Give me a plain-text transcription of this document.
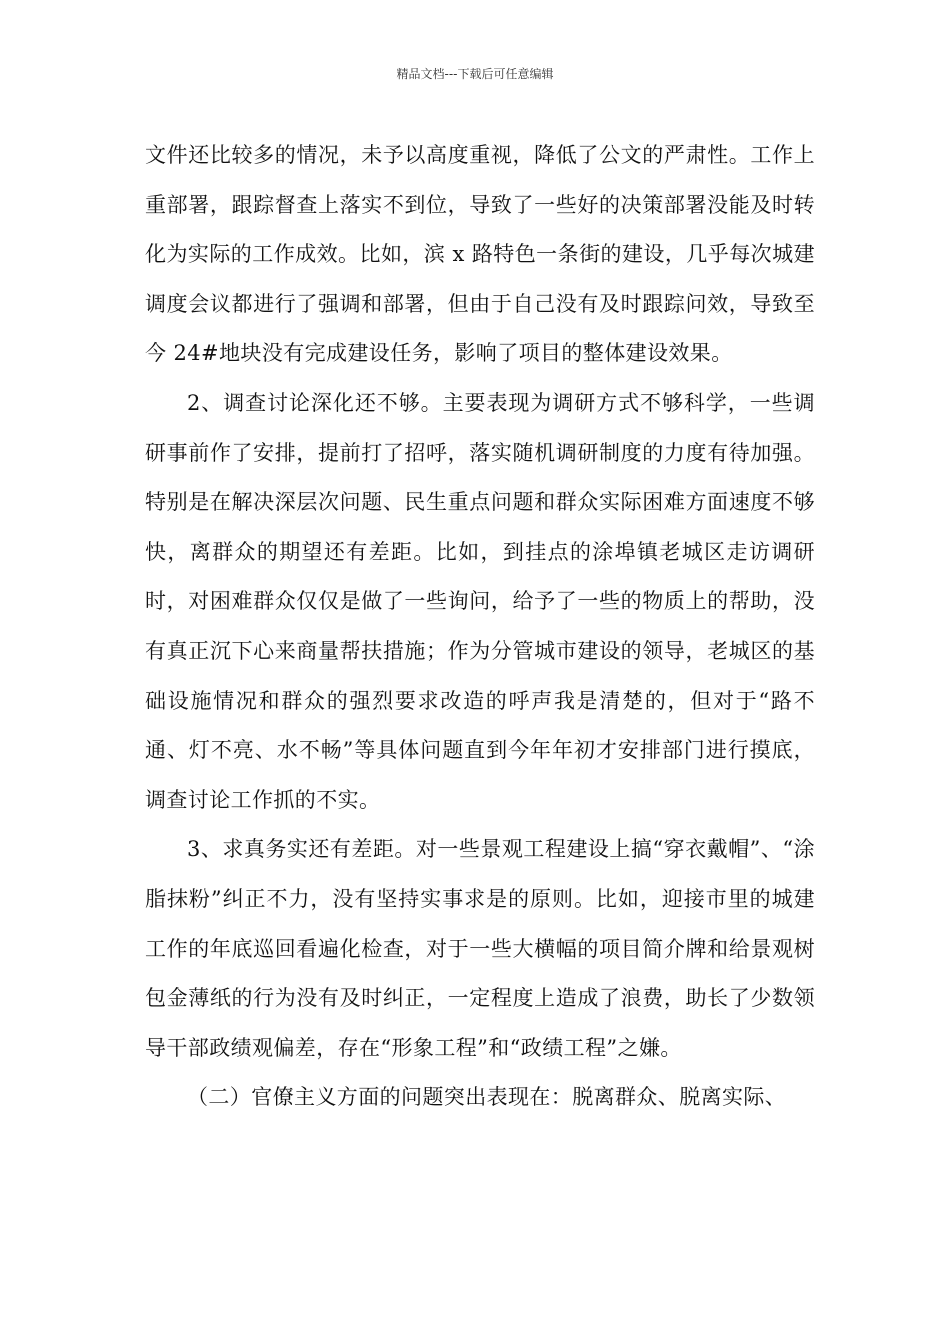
精品文档---下载后可任意编辑

文件还比较多的情况，未予以高度重视，降低了公文的严肃性。工作上重部署，跟踪督查上落实不到位，导致了一些好的决策部署没能及时转化为实际的工作成效。比如，滨 x 路特色一条街的建设，几乎每次城建调度会议都进行了强调和部署，但由于自己没有及时跟踪问效，导致至今 24#地块没有完成建设任务，影响了项目的整体建设效果。

2、调查讨论深化还不够。主要表现为调研方式不够科学，一些调研事前作了安排，提前打了招呼，落实随机调研制度的力度有待加强。特别是在解决深层次问题、民生重点问题和群众实际困难方面速度不够快，离群众的期望还有差距。比如，到挂点的涂埠镇老城区走访调研时，对困难群众仅仅是做了一些询问，给予了一些的物质上的帮助，没有真正沉下心来商量帮扶措施；作为分管城市建设的领导，老城区的基础设施情况和群众的强烈要求改造的呼声我是清楚的，但对于“路不通、灯不亮、水不畅”等具体问题直到今年年初才安排部门进行摸底，调查讨论工作抓的不实。

3、求真务实还有差距。对一些景观工程建设上搞“穿衣戴帽”、“涂脂抹粉”纠正不力，没有坚持实事求是的原则。比如，迎接市里的城建工作的年底巡回看遍化检查，对于一些大横幅的项目简介牌和给景观树包金薄纸的行为没有及时纠正，一定程度上造成了浪费，助长了少数领导干部政绩观偏差，存在“形象工程”和“政绩工程”之嫌。

（二）官僚主义方面的问题突出表现在：脱离群众、脱离实际、
